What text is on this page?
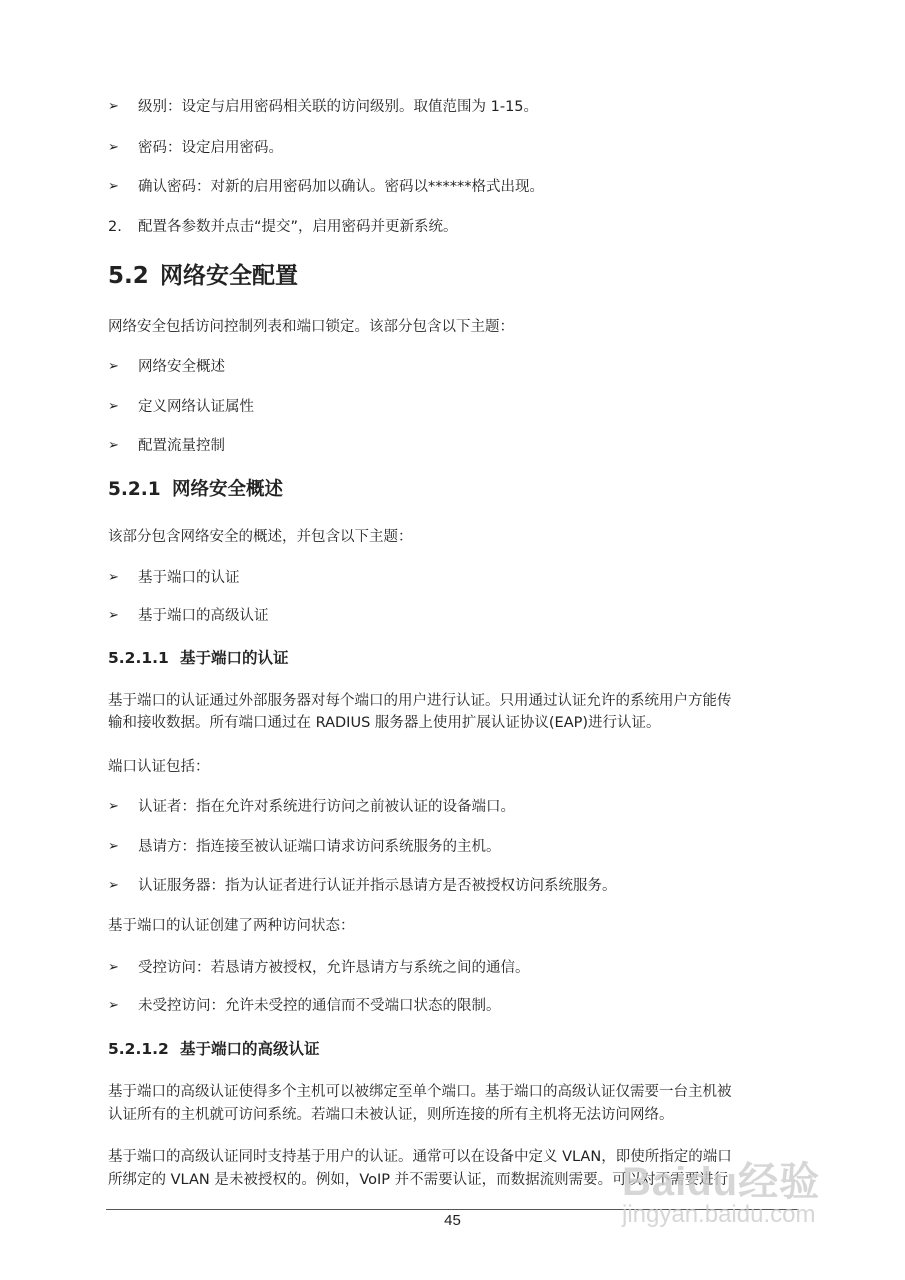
➢ 级别：设定与启用密码相关联的访问级别。取值范围为 1-15。
➢ 密码：设定启用密码。
➢ 确认密码：对新的启用密码加以确认。密码以******格式出现。
2. 配置各参数并点击“提交”，启用密码并更新系统。
5.2 网络安全配置
网络安全包括访问控制列表和端口锁定。该部分包含以下主题：
➢ 网络安全概述
➢ 定义网络认证属性
➢ 配置流量控制
5.2.1 网络安全概述
该部分包含网络安全的概述，并包含以下主题：
➢ 基于端口的认证
➢ 基于端口的高级认证
5.2.1.1 基于端口的认证
基于端口的认证通过外部服务器对每个端口的用户进行认证。只用通过认证允许的系统用户方能传
输和接收数据。所有端口通过在 RADIUS 服务器上使用扩展认证协议(EAP)进行认证。
端口认证包括：
➢ 认证者：指在允许对系统进行访问之前被认证的设备端口。
➢ 恳请方：指连接至被认证端口请求访问系统服务的主机。
➢ 认证服务器：指为认证者进行认证并指示恳请方是否被授权访问系统服务。
基于端口的认证创建了两种访问状态：
➢ 受控访问：若恳请方被授权，允许恳请方与系统之间的通信。
➢ 未受控访问：允许未受控的通信而不受端口状态的限制。
5.2.1.2 基于端口的高级认证
基于端口的高级认证使得多个主机可以被绑定至单个端口。基于端口的高级认证仅需要一台主机被
认证所有的主机就可访问系统。若端口未被认证，则所连接的所有主机将无法访问网络。
基于端口的高级认证同时支持基于用户的认证。通常可以在设备中定义 VLAN，即使所指定的端口
所绑定的 VLAN 是未被授权的。例如，VoIP 并不需要认证，而数据流则需要。可以对不需要进行
45
Baidu经验
jingyan.baidu.com
